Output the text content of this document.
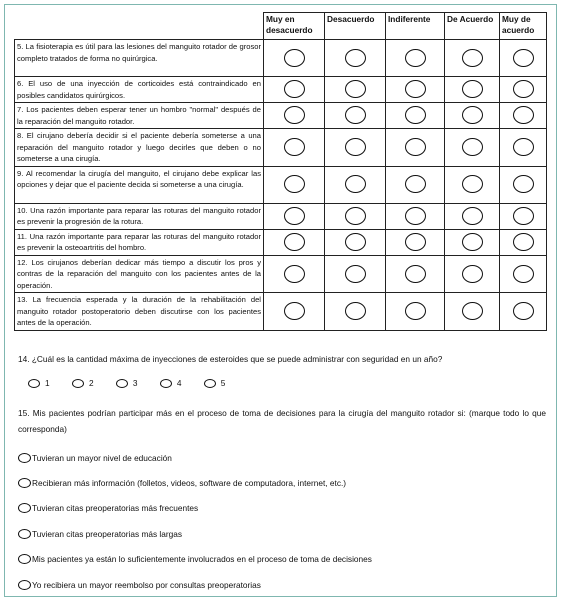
	Muy en desacuerdo	Desacuerdo	Indiferente	De Acuerdo	Muy de acuerdo
5. La fisioterapia es útil para las lesiones del manguito rotador de grosor completo tratados de forma no quirúrgica.					
6. El uso de una inyección de corticoides está contraindicado en posibles candidatos quirúrgicos.					
7. Los pacientes deben esperar tener un hombro "normal" después de la reparación del manguito rotador.					
8. El cirujano debería decidir si el paciente debería someterse a una reparación del manguito rotador y luego decirles que deben o no someterse a una cirugía.					
9. Al recomendar la cirugía del manguito, el cirujano debe explicar las opciones y dejar que el paciente decida si someterse a una cirugía.					
10. Una razón importante para reparar las roturas del manguito rotador es prevenir la progresión de la rotura.					
11. Una razón importante para reparar las roturas del manguito rotador es prevenir la osteoartritis del hombro.					
12. Los cirujanos deberían dedicar más tiempo a discutir los pros y contras de la reparación del manguito con los pacientes antes de la operación.					
13. La frecuencia esperada y la duración de la rehabilitación del manguito rotador postoperatorio deben discutirse con los pacientes antes de la operación.					
14. ¿Cuál es la cantidad máxima de inyecciones de esteroides que se puede administrar con seguridad en un año?
1	2	3	4	5
15. Mis pacientes podrían participar más en el proceso de toma de decisiones para la cirugía del manguito rotador si: (marque todo lo que corresponda)
Tuvieran un mayor nivel de educación
Recibieran más información (folletos, videos, software de computadora, internet, etc.)
Tuvieran citas preoperatorias más frecuentes
Tuvieran citas preoperatorias más largas
Mis pacientes ya están lo suficientemente involucrados en el proceso de toma de decisiones
Yo recibiera un mayor reembolso por consultas preoperatorias
